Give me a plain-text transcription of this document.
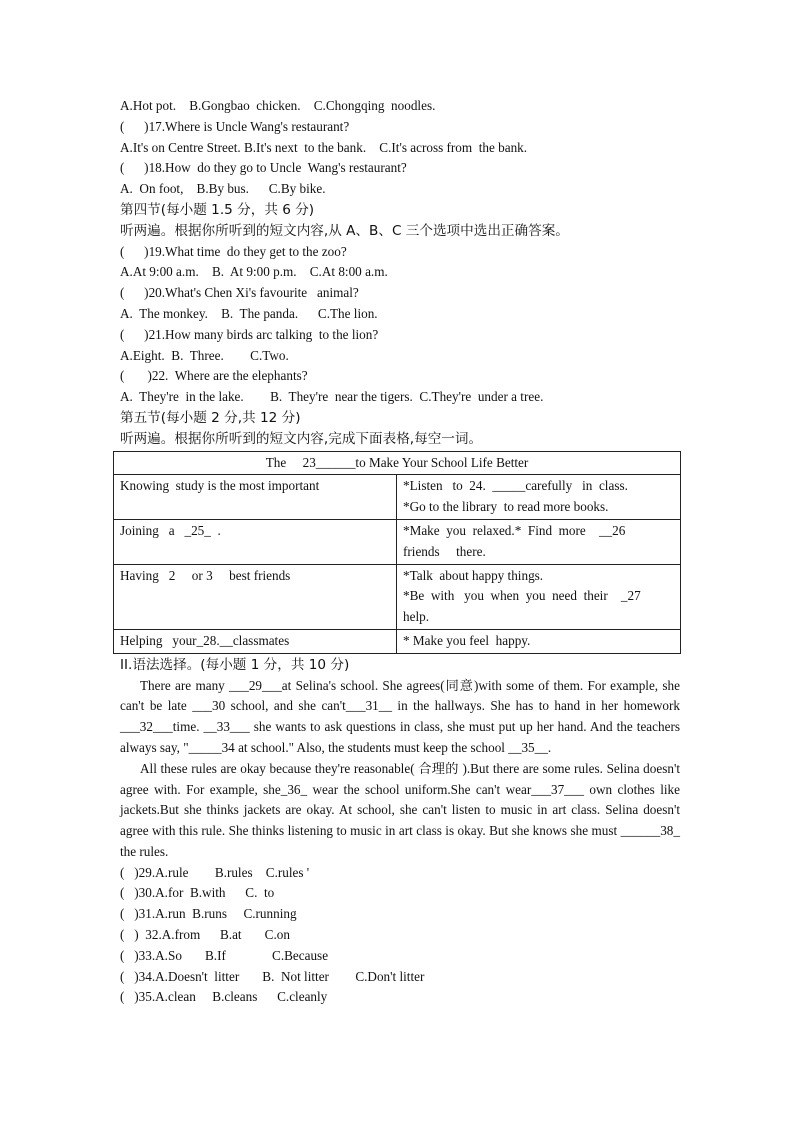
A.Hot pot.    B.Gongbao  chicken.    C.Chongqing  noodles.
(      )17.Where is Uncle Wang's restaurant?
A.It's on Centre Street. B.It's next  to the bank.    C.It's across from  the bank.
(      )18.How  do they go to Uncle  Wang's restaurant?
A.  On foot,    B.By bus.      C.By bike.
第四节(每小题 1.5 分，共 6 分)
听两遍。根据你所听到的短文内容,从 A、B、C 三个选项中选出正确答案。
(      )19.What time  do they get to the zoo?
A.At 9:00 a.m.    B.  At 9:00 p.m.    C.At 8:00 a.m.
(      )20.What's Chen Xi's favourite   animal?
A.  The monkey.    B.  The panda.      C.The lion.
(      )21.How many birds arc talking  to the lion?
A.Eight.  B.  Three.        C.Two.
(       )22.  Where are the elephants?
A.  They're  in the lake.        B.  They're  near the tigers.  C.They're  under a tree.
第五节(每小题 2 分,共 12 分)
听两遍。根据你所听到的短文内容,完成下面表格,每空一词。
The     23______to Make Your School Life Better	
Knowing  study is the most important	*Listen   to  24.  _____carefully   in  class.
*Go to the library  to read more books.

Joining   a   _25_  .	*Make  you  relaxed.*  Find  more    __26
friends     there.

Having   2     or 3     best friends	*Talk  about happy things.
*Be  with   you  when  you  need  their    _27
help.

Helping   your_28.__classmates	* Make you feel  happy.
II.语法选择。(每小题 1 分，共 10 分)
There are many ___29___at Selina's school. She agrees(同意)with some of them. For example, she can't be late ___30 school, and she can't___31__ in the hallways. She has to hand in her homework ___32___time. __33___ she wants to ask questions in class, she must put up her hand. And the teachers always say, "_____34 at school." Also, the students must keep the school __35__.
All these rules are okay because they're reasonable( 合理的 ).But there are some rules. Selina doesn't agree with. For example, she_36_ wear the school uniform.She can't wear___37___ own clothes like jackets.But she thinks jackets are okay. At school, she can't listen to music in art class. Selina doesn't agree with this rule. She thinks listening to music in art class is okay. But she knows she must ______38_ the rules.
(   )29.A.rule        B.rules    C.rules '
(   )30.A.for  B.with      C.  to
(   )31.A.run  B.runs     C.running
(   )  32.A.from      B.at       C.on
(   )33.A.So       B.If              C.Because
(   )34.A.Doesn't  litter       B.  Not litter        C.Don't litter
(   )35.A.clean     B.cleans      C.cleanly
